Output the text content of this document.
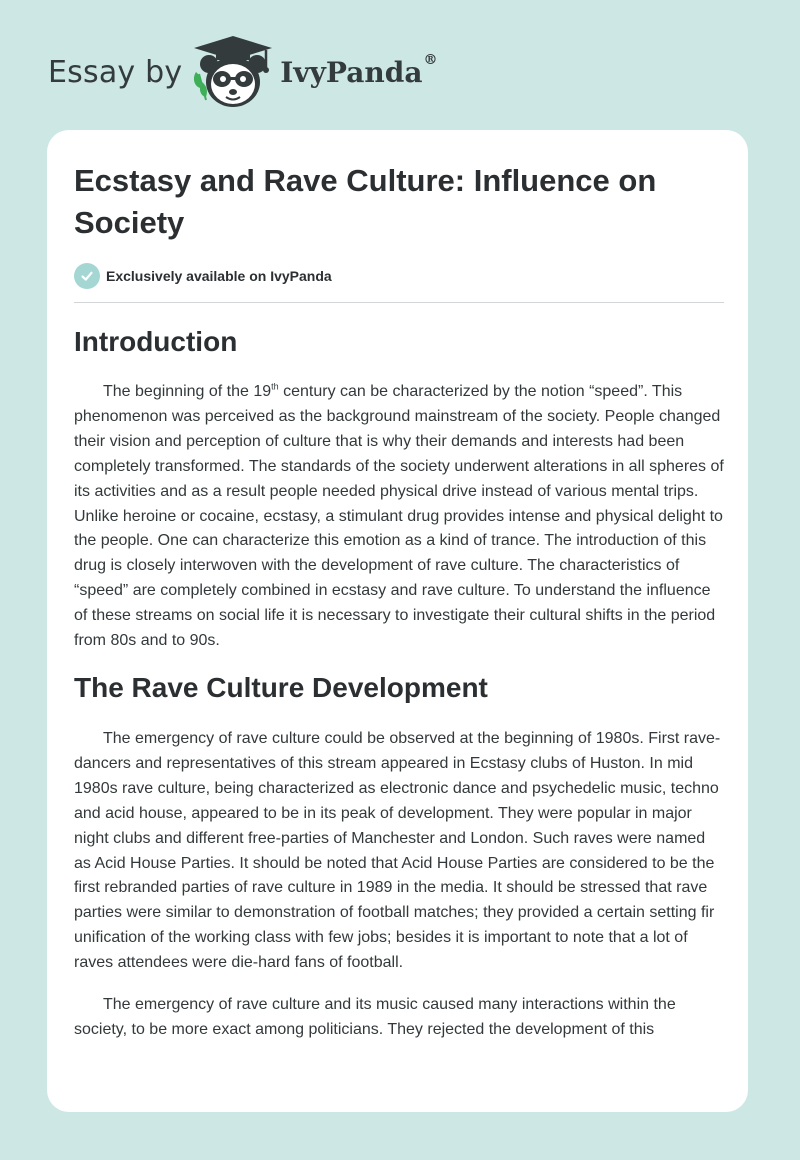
Essay by	IvyPanda®
Ecstasy and Rave Culture: Influence on Society
Exclusively available on IvyPanda
Introduction

The beginning of the 19th century can be characterized by the notion “speed”. This phenomenon was perceived as the background mainstream of the society. People changed their vision and perception of culture that is why their demands and interests had been completely transformed. The standards of the society underwent alterations in all spheres of its activities and as a result people needed physical drive instead of various mental trips. Unlike heroine or cocaine, ecstasy, a stimulant drug provides intense and physical delight to the people. One can characterize this emotion as a kind of trance. The introduction of this drug is closely interwoven with the development of rave culture. The characteristics of “speed” are completely combined in ecstasy and rave culture. To understand the influence of these streams on social life it is necessary to investigate their cultural shifts in the period from 80s and to 90s.

The Rave Culture Development

The emergency of rave culture could be observed at the beginning of 1980s. First rave-dancers and representatives of this stream appeared in Ecstasy clubs of Huston. In mid 1980s rave culture, being characterized as electronic dance and psychedelic music, techno and acid house, appeared to be in its peak of development. They were popular in major night clubs and different free-parties of Manchester and London. Such raves were named as Acid House Parties. It should be noted that Acid House Parties are considered to be the first rebranded parties of rave culture in 1989 in the media. It should be stressed that rave parties were similar to demonstration of football matches; they provided a certain setting fir unification of the working class with few jobs; besides it is important to note that a lot of raves attendees were die-hard fans of football.

The emergency of rave culture and its music caused many interactions within the society, to be more exact among politicians. They rejected the development of this
